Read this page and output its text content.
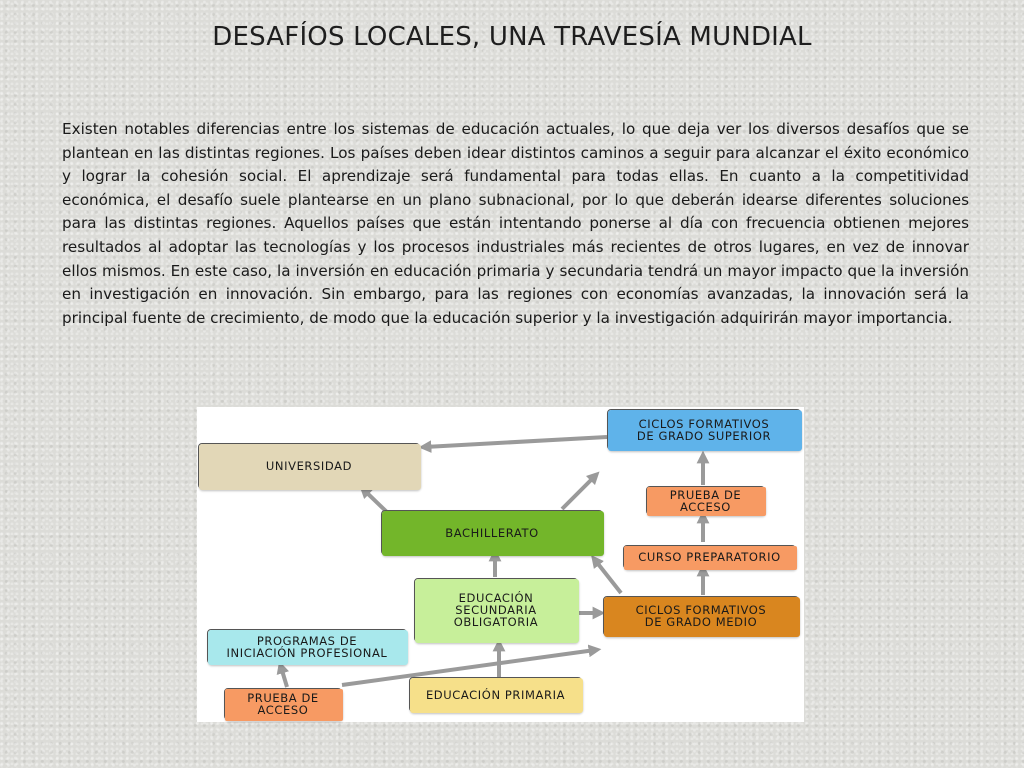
DESAFÍOS LOCALES, UNA TRAVESÍA MUNDIAL
Existen notables diferencias entre los sistemas de educación actuales, lo que deja ver los diversos desafíos que se plantean en las distintas regiones. Los países deben idear distintos caminos a seguir para alcanzar el éxito económico y lograr la cohesión social. El aprendizaje será fundamental para todas ellas. En cuanto a la competitividad económica, el desafío suele plantearse en un plano subnacional, por lo que deberán idearse diferentes soluciones para las distintas regiones. Aquellos países que están intentando ponerse al día con frecuencia obtienen mejores resultados al adoptar las tecnologías y los procesos industriales más recientes de otros lugares, en vez de innovar ellos mismos. En este caso, la inversión en educación primaria y secundaria tendrá un mayor impacto que la inversión en investigación en innovación. Sin embargo, para las regiones con economías avanzadas, la innovación será la principal fuente de crecimiento, de modo que la educación superior y la investigación adquirirán mayor importancia.
CICLOS FORMATIVOS
DE GRADO SUPERIOR
UNIVERSIDAD
PRUEBA DE
ACCESO
BACHILLERATO
CURSO PREPARATORIO
EDUCACIÓN
SECUNDARIA
OBLIGATORIA
CICLOS FORMATIVOS
DE GRADO MEDIO
PROGRAMAS DE
INICIACIÓN PROFESIONAL
PRUEBA DE
ACCESO
EDUCACIÓN PRIMARIA
